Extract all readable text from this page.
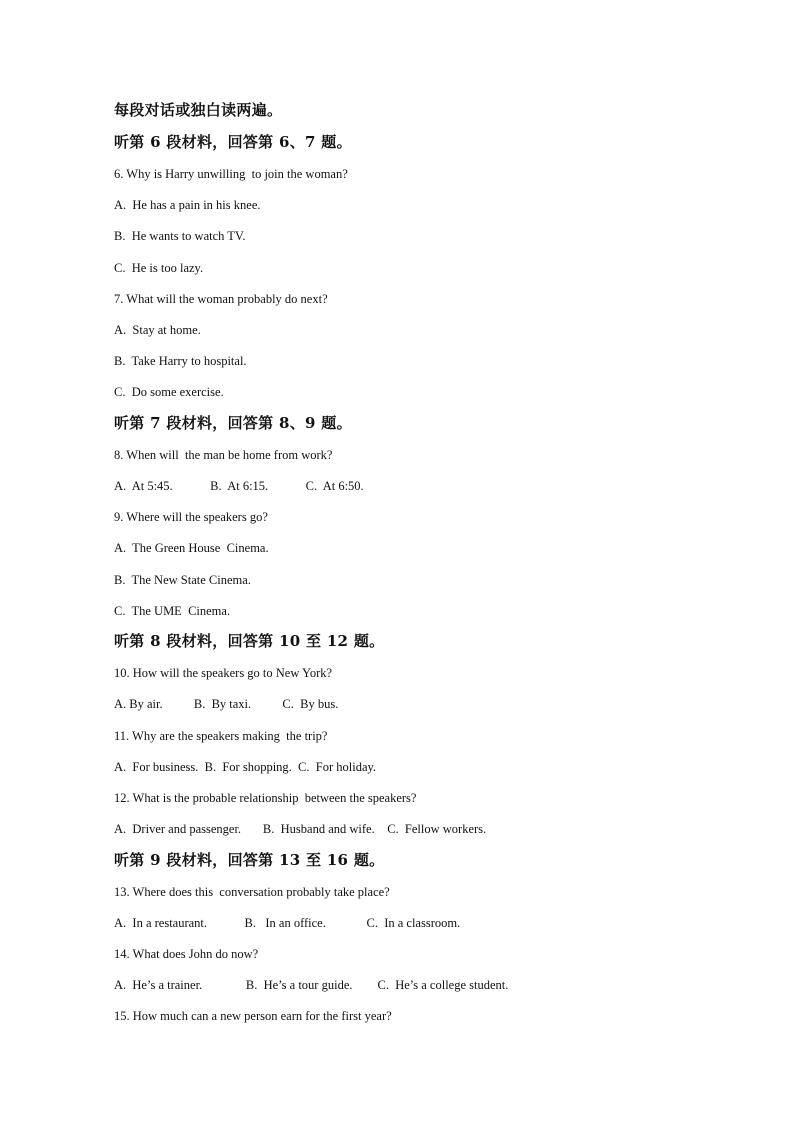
每段对话或独白读两遍。
听第 6 段材料，回答第 6、7 题。
6. Why is Harry unwilling  to join the woman?
A.  He has a pain in his knee.
B.  He wants to watch TV.
C.  He is too lazy.
7. What will the woman probably do next?
A.  Stay at home.
B.  Take Harry to hospital.
C.  Do some exercise.
听第 7 段材料，回答第 8、9 题。
8. When will  the man be home from work?
A.  At 5:45.            B.  At 6:15.            C.  At 6:50.
9. Where will the speakers go?
A.  The Green House  Cinema.
B.  The New State Cinema.
C.  The UME  Cinema.
听第 8 段材料，回答第 10 至 12 题。
10. How will the speakers go to New York?
A. By air.          B.  By taxi.          C.  By bus.
11. Why are the speakers making  the trip?
A.  For business.  B.  For shopping.  C.  For holiday.
12. What is the probable relationship  between the speakers?
A.  Driver and passenger.       B.  Husband and wife.    C.  Fellow workers.
听第 9 段材料，回答第 13 至 16 题。
13. Where does this  conversation probably take place?
A.  In a restaurant.            B.   In an office.             C.  In a classroom.
14. What does John do now?
A.  He’s a trainer.              B.  He’s a tour guide.        C.  He’s a college student.
15. How much can a new person earn for the first year?
